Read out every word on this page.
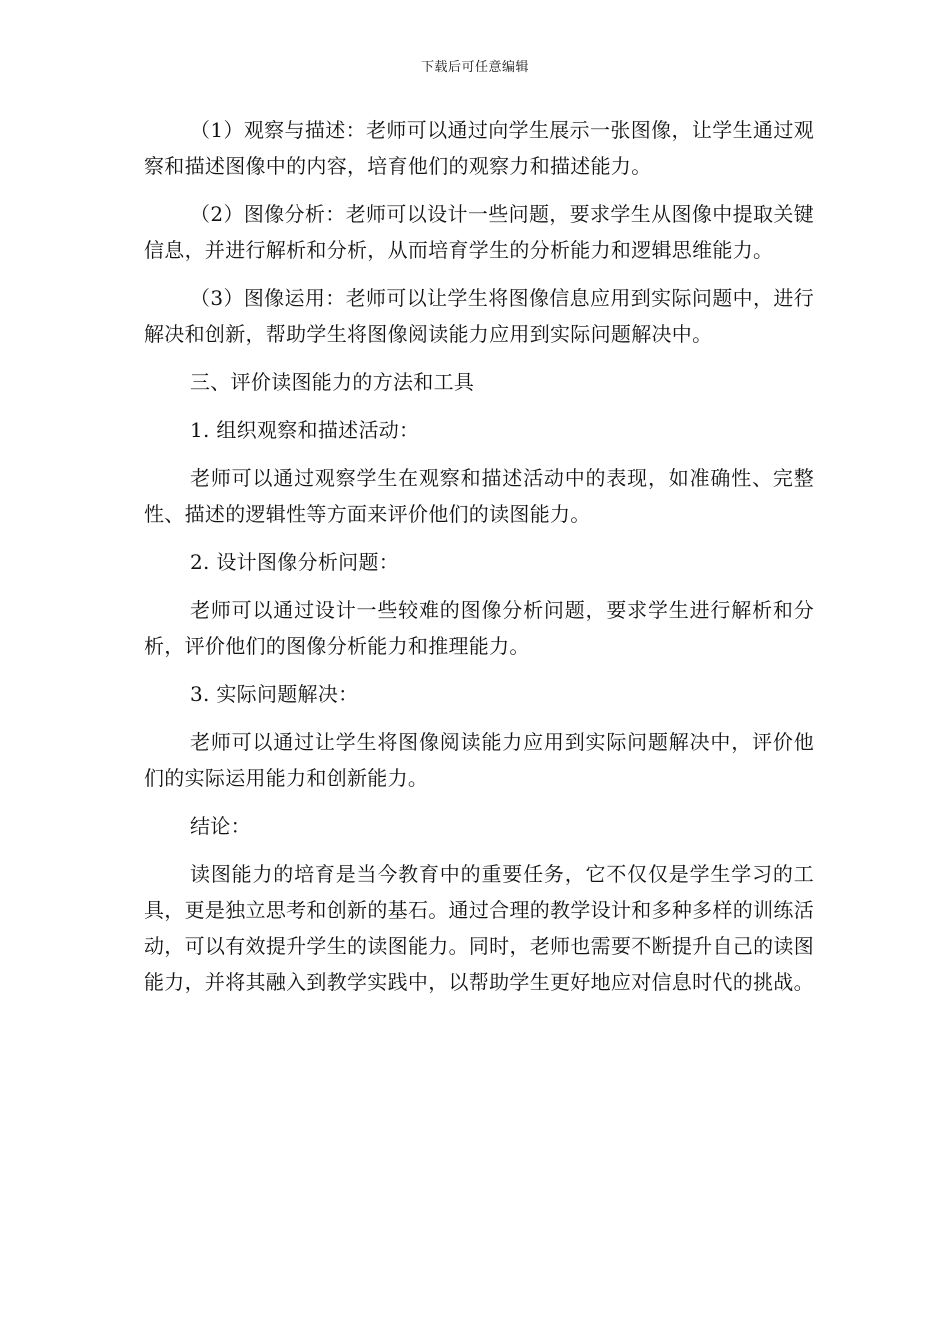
下载后可任意编辑

（1）观察与描述：老师可以通过向学生展示一张图像，让学生通过观察和描述图像中的内容，培育他们的观察力和描述能力。

（2）图像分析：老师可以设计一些问题，要求学生从图像中提取关键信息，并进行解析和分析，从而培育学生的分析能力和逻辑思维能力。

（3）图像运用：老师可以让学生将图像信息应用到实际问题中，进行解决和创新，帮助学生将图像阅读能力应用到实际问题解决中。

三、评价读图能力的方法和工具

1. 组织观察和描述活动：

老师可以通过观察学生在观察和描述活动中的表现，如准确性、完整性、描述的逻辑性等方面来评价他们的读图能力。

2. 设计图像分析问题：

老师可以通过设计一些较难的图像分析问题，要求学生进行解析和分析，评价他们的图像分析能力和推理能力。

3. 实际问题解决：

老师可以通过让学生将图像阅读能力应用到实际问题解决中，评价他们的实际运用能力和创新能力。

结论：

读图能力的培育是当今教育中的重要任务，它不仅仅是学生学习的工具，更是独立思考和创新的基石。通过合理的教学设计和多种多样的训练活动，可以有效提升学生的读图能力。同时，老师也需要不断提升自己的读图能力，并将其融入到教学实践中，以帮助学生更好地应对信息时代的挑战。
